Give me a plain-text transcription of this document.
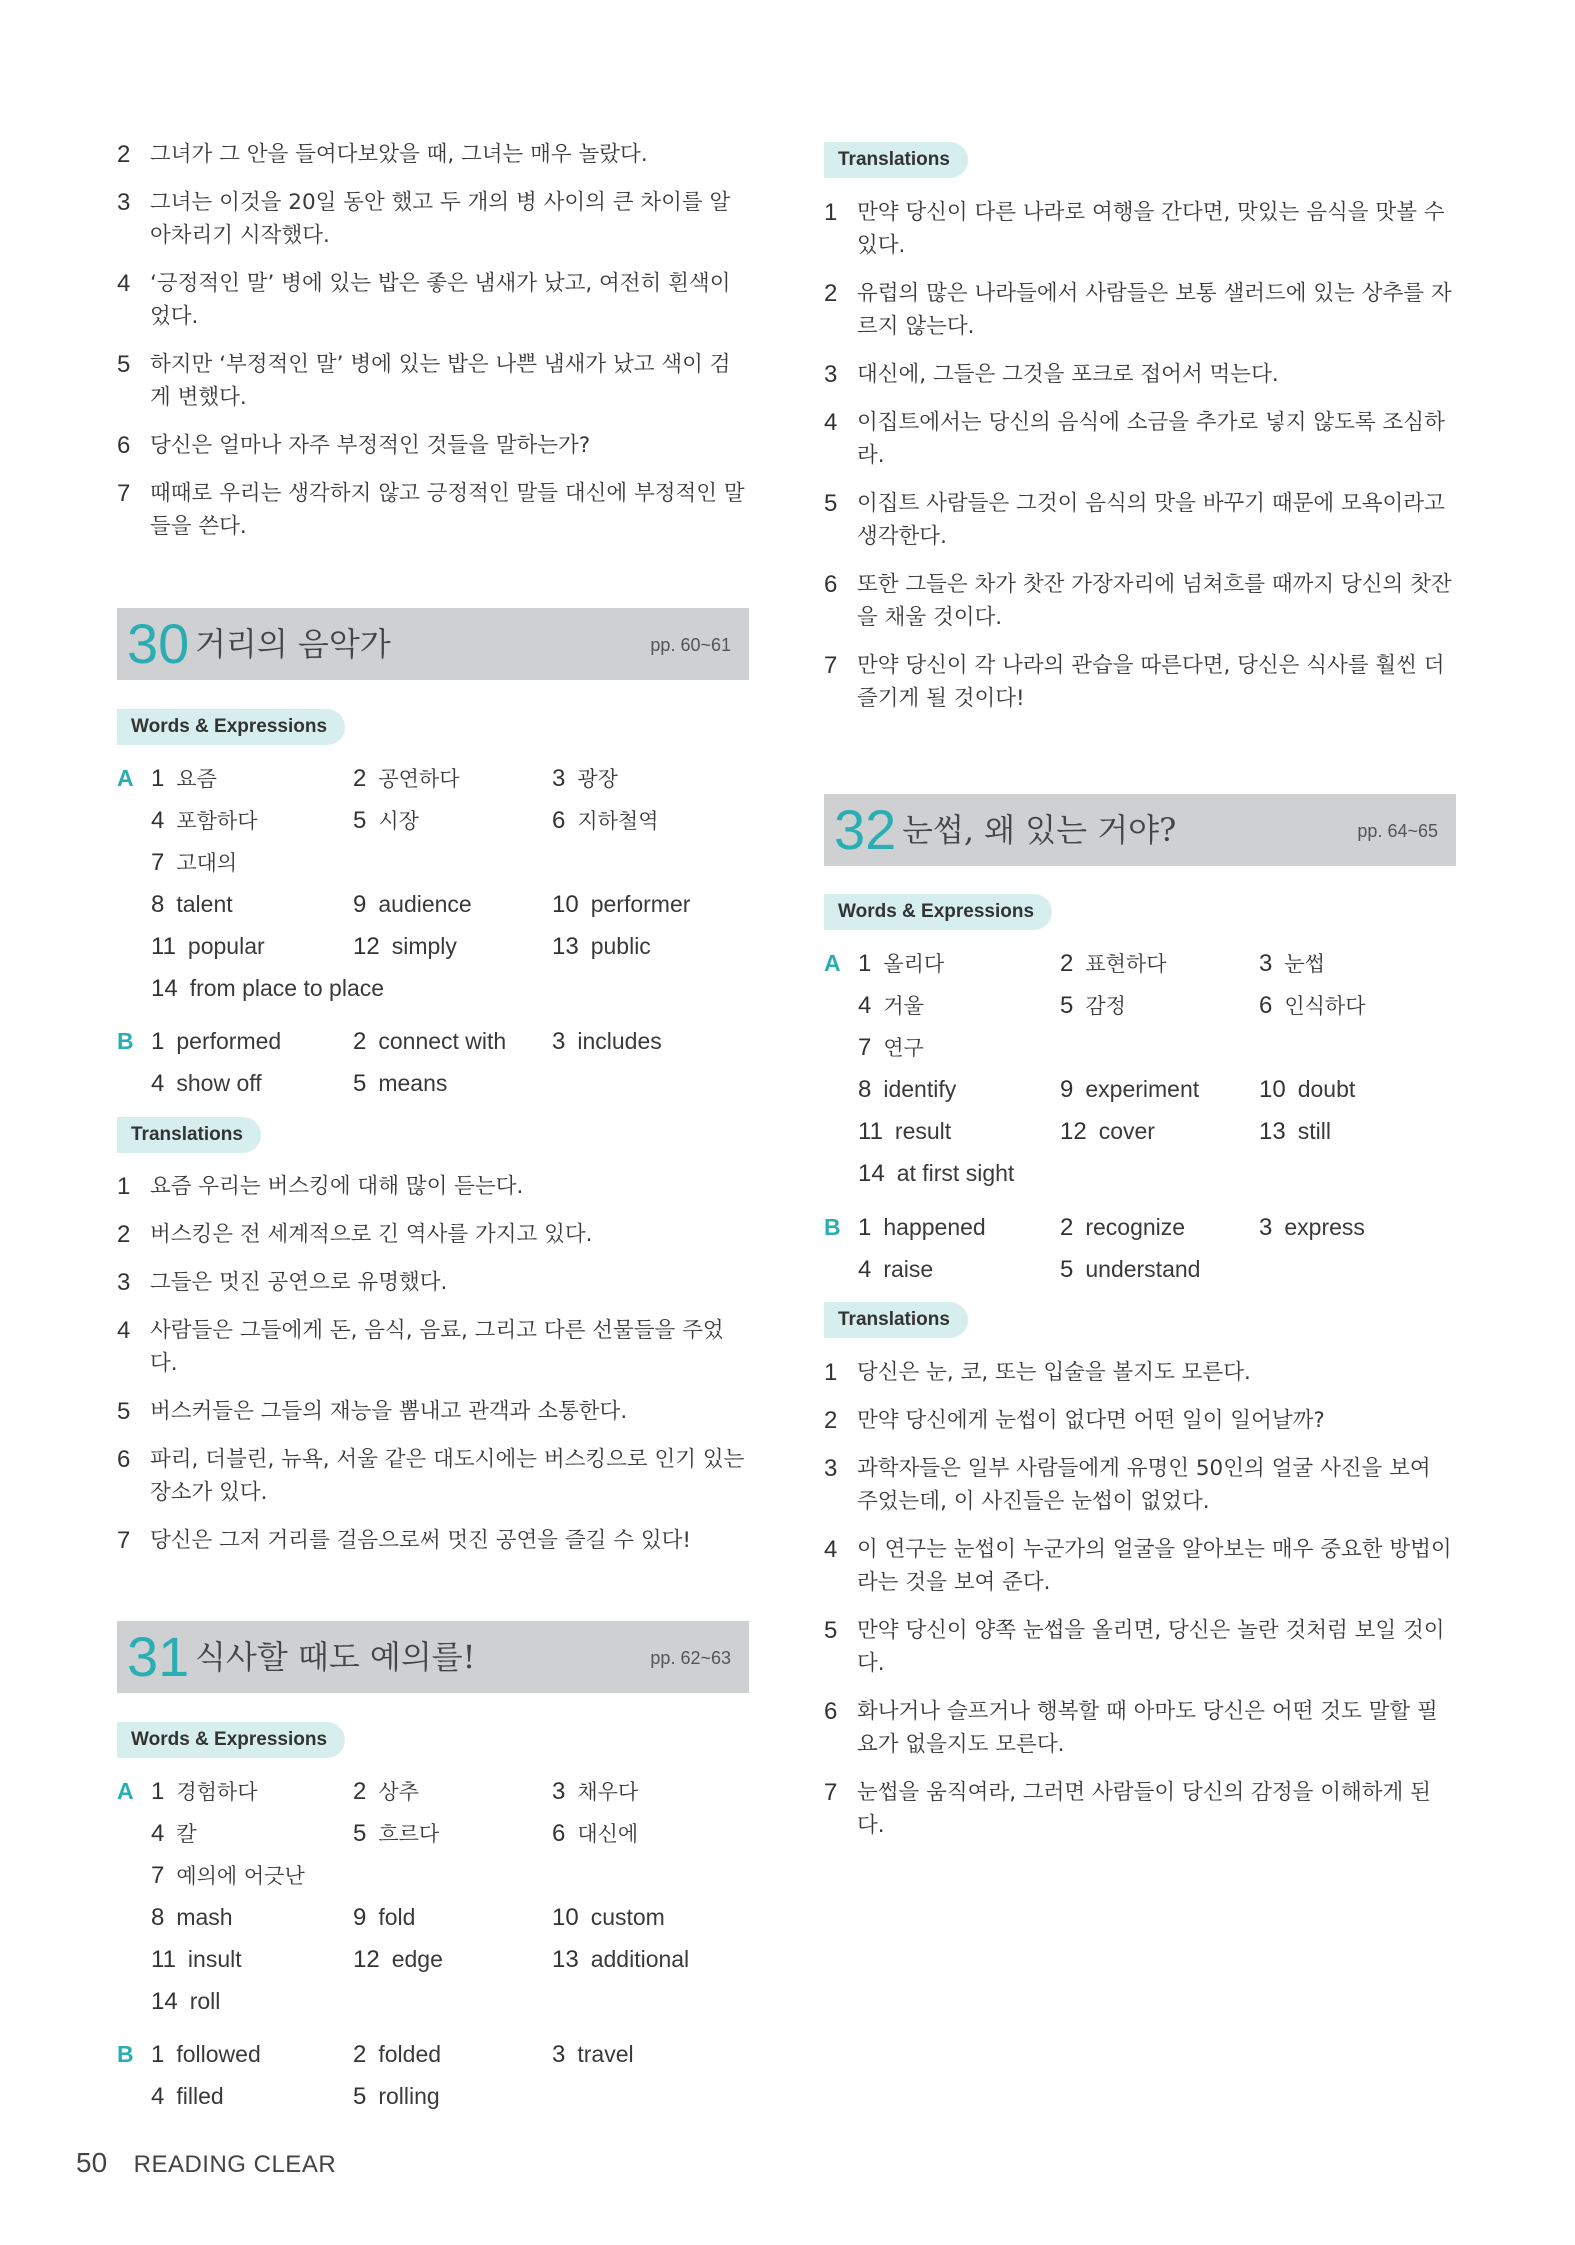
2 그녀가 그 안을 들여다보았을 때, 그녀는 매우 놀랐다.
3 그녀는 이것을 20일 동안 했고 두 개의 병 사이의 큰 차이를 알아차리기 시작했다.
4 ‘긍정적인 말’ 병에 있는 밥은 좋은 냄새가 났고, 여전히 흰색이었다.
5 하지만 ‘부정적인 말’ 병에 있는 밥은 나쁜 냄새가 났고 색이 검게 변했다.
6 당신은 얼마나 자주 부정적인 것들을 말하는가?
7 때때로 우리는 생각하지 않고 긍정적인 말들 대신에 부정적인 말들을 쓴다.
30 거리의 음악가	pp. 60~61
Words & Expressions
A 1 요즘	2 공연하다	3 광장
4 포함하다	5 시장	6 지하철역
7 고대의
8 talent	9 audience	10 performer
11 popular	12 simply	13 public
14 from place to place
B 1 performed	2 connect with 3 includes
4 show off	5 means
Translations
1 요즘 우리는 버스킹에 대해 많이 듣는다.
2 버스킹은 전 세계적으로 긴 역사를 가지고 있다.
3 그들은 멋진 공연으로 유명했다.
4 사람들은 그들에게 돈, 음식, 음료, 그리고 다른 선물들을 주었다.
5 버스커들은 그들의 재능을 뽐내고 관객과 소통한다.
6 파리, 더블린, 뉴욕, 서울 같은 대도시에는 버스킹으로 인기 있는 장소가 있다.
7 당신은 그저 거리를 걸음으로써 멋진 공연을 즐길 수 있다!
31 식사할 때도 예의를!	pp. 62~63
Words & Expressions
A 1 경험하다	2 상추	3 채우다
4 칼	5 흐르다	6 대신에
7 예의에 어긋난
8 mash	9 fold	10 custom
11 insult	12 edge	13 additional
14 roll
B 1 followed	2 folded	3 travel
4 filled	5 rolling
Translations
1 만약 당신이 다른 나라로 여행을 간다면, 맛있는 음식을 맛볼 수 있다.
2 유럽의 많은 나라들에서 사람들은 보통 샐러드에 있는 상추를 자르지 않는다.
3 대신에, 그들은 그것을 포크로 접어서 먹는다.
4 이집트에서는 당신의 음식에 소금을 추가로 넣지 않도록 조심하라.
5 이집트 사람들은 그것이 음식의 맛을 바꾸기 때문에 모욕이라고 생각한다.
6 또한 그들은 차가 찻잔 가장자리에 넘쳐흐를 때까지 당신의 찻잔을 채울 것이다.
7 만약 당신이 각 나라의 관습을 따른다면, 당신은 식사를 훨씬 더 즐기게 될 것이다!
32 눈썹, 왜 있는 거야?	pp. 64~65
Words & Expressions
A 1 올리다	2 표현하다	3 눈썹
4 거울	5 감정	6 인식하다
7 연구
8 identify	9 experiment 10 doubt
11 result	12 cover	13 still
14 at first sight
B 1 happened	2 recognize	3 express
4 raise	5 understand
Translations
1 당신은 눈, 코, 또는 입술을 볼지도 모른다.
2 만약 당신에게 눈썹이 없다면 어떤 일이 일어날까?
3 과학자들은 일부 사람들에게 유명인 50인의 얼굴 사진을 보여 주었는데, 이 사진들은 눈썹이 없었다.
4 이 연구는 눈썹이 누군가의 얼굴을 알아보는 매우 중요한 방법이라는 것을 보여 준다.
5 만약 당신이 양쪽 눈썹을 올리면, 당신은 놀란 것처럼 보일 것이다.
6 화나거나 슬프거나 행복할 때 아마도 당신은 어떤 것도 말할 필요가 없을지도 모른다.
7 눈썹을 움직여라, 그러면 사람들이 당신의 감정을 이해하게 된다.
50 READING CLEAR
